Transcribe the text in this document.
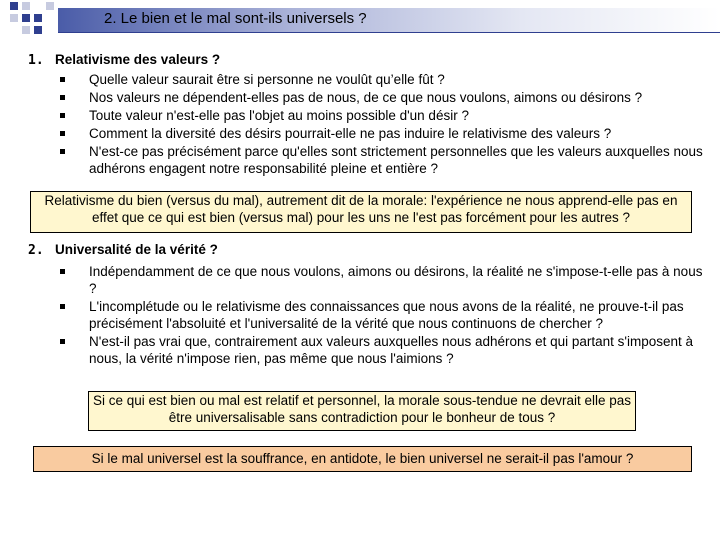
2. Le bien et le mal sont-ils universels ?
1. Relativisme des valeurs ?
Quelle valeur saurait être si personne ne voulût qu’elle fût ?
Nos valeurs ne dépendent-elles pas de nous, de ce que nous voulons, aimons ou désirons ?
Toute valeur n'est-elle pas l'objet au moins possible d'un désir ?
Comment la diversité des désirs pourrait-elle ne pas induire le relativisme des valeurs ?
N'est-ce pas précisément parce qu'elles sont strictement personnelles que les valeurs auxquelles nous adhérons engagent notre responsabilité pleine et entière ?
Relativisme du bien (versus du mal), autrement dit de la morale: l'expérience ne nous apprend-elle pas en effet que ce qui est bien (versus mal) pour les uns ne l'est pas forcément pour les autres ?
2. Universalité de la vérité ?
Indépendamment de ce que nous voulons, aimons ou désirons, la réalité ne s'impose-t-elle pas à nous ?
L'incomplétude ou le relativisme des connaissances que nous avons de la réalité, ne prouve-t-il pas précisément l'absoluité et l'universalité de la vérité que nous continuons de chercher ?
N'est-il pas vrai que, contrairement aux valeurs auxquelles nous adhérons et qui partant s'imposent à nous, la vérité n'impose rien, pas même que nous l'aimions ?
Si ce qui est bien ou mal est relatif et personnel, la morale sous-tendue ne devrait elle pas être universalisable sans contradiction pour le bonheur de tous ?
Si le mal universel est la souffrance, en antidote, le bien universel ne serait-il pas l'amour ?
